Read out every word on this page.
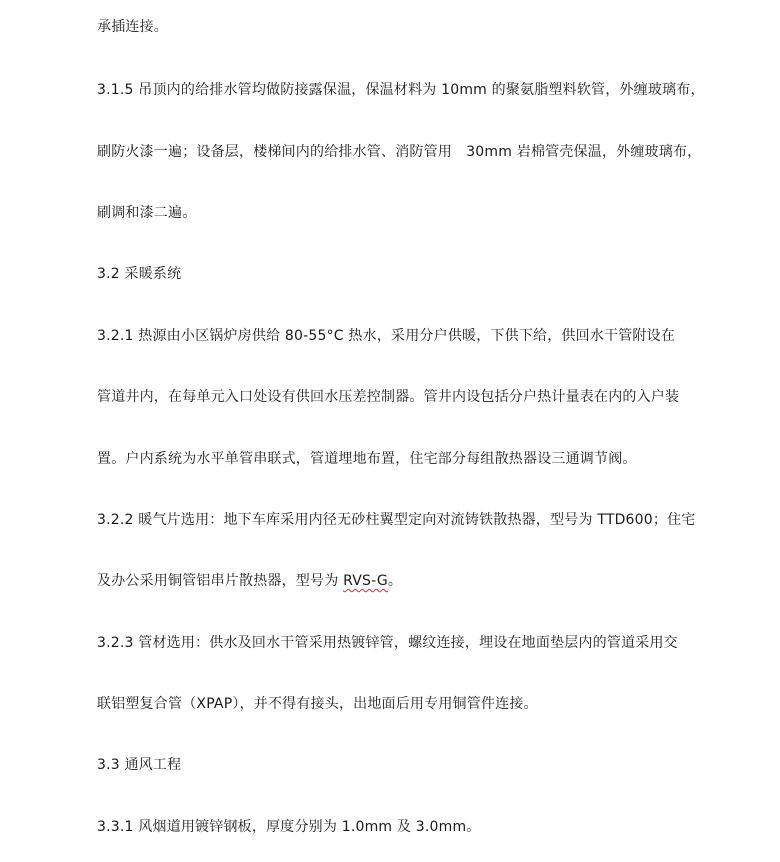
承插连接。
3.1.5 吊顶内的给排水管均做防接露保温，保温材料为 10mm 的聚氨脂塑料软管，外缠玻璃布，
刷防火漆一遍；设备层，楼梯间内的给排水管、消防管用　30mm 岩棉管壳保温，外缠玻璃布，
刷调和漆二遍。
3.2 采暖系统
3.2.1 热源由小区锅炉房供给 80-55°C 热水，采用分户供暖，下供下给，供回水干管附设在
管道井内，在每单元入口处设有供回水压差控制器。管井内设包括分户热计量表在内的入户装
置。户内系统为水平单管串联式，管道埋地布置，住宅部分每组散热器设三通调节阀。
3.2.2 暖气片选用：地下车库采用内径无砂柱翼型定向对流铸铁散热器，型号为 TTD600；住宅
及办公采用铜管铝串片散热器，型号为 RVS-G。
3.2.3 管材选用：供水及回水干管采用热镀锌管，螺纹连接，埋设在地面垫层内的管道采用交
联铝塑复合管（XPAP），并不得有接头，出地面后用专用铜管件连接。
3.3 通风工程
3.3.1 风烟道用镀锌钢板，厚度分别为 1.0mm 及 3.0mm。
